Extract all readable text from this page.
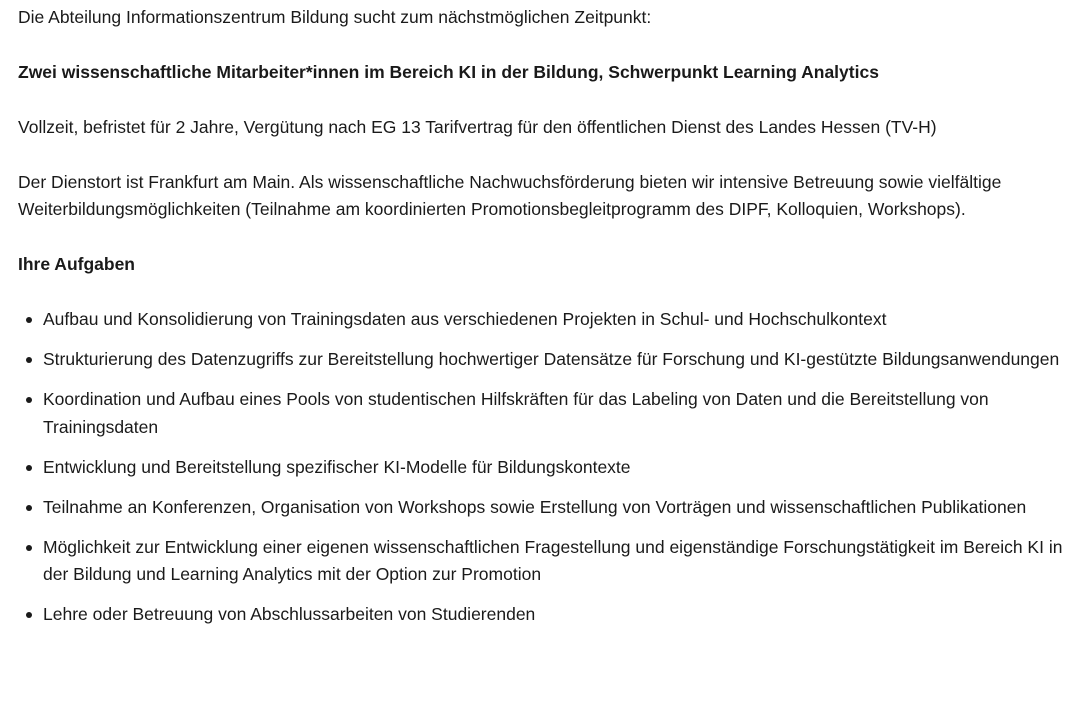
Die Abteilung Informationszentrum Bildung sucht zum nächstmöglichen Zeitpunkt:

Zwei wissenschaftliche Mitarbeiter*innen im Bereich KI in der Bildung, Schwerpunkt Learning Analytics

Vollzeit, befristet für 2 Jahre, Vergütung nach EG 13 Tarifvertrag für den öffentlichen Dienst des Landes Hessen (TV-H)

Der Dienstort ist Frankfurt am Main. Als wissenschaftliche Nachwuchsförderung bieten wir intensive Betreuung sowie vielfältige Weiterbildungsmöglichkeiten (Teilnahme am koordinierten Promotionsbegleitprogramm des DIPF, Kolloquien, Workshops).

Ihre Aufgaben

Aufbau und Konsolidierung von Trainingsdaten aus verschiedenen Projekten in Schul- und Hochschulkontext
Strukturierung des Datenzugriffs zur Bereitstellung hochwertiger Datensätze für Forschung und KI-gestützte Bildungsanwendungen
Koordination und Aufbau eines Pools von studentischen Hilfskräften für das Labeling von Daten und die Bereitstellung von Trainingsdaten
Entwicklung und Bereitstellung spezifischer KI-Modelle für Bildungskontexte
Teilnahme an Konferenzen, Organisation von Workshops sowie Erstellung von Vorträgen und wissenschaftlichen Publikationen
Möglichkeit zur Entwicklung einer eigenen wissenschaftlichen Fragestellung und eigenständige Forschungstätigkeit im Bereich KI in der Bildung und Learning Analytics mit der Option zur Promotion
Lehre oder Betreuung von Abschlussarbeiten von Studierenden
